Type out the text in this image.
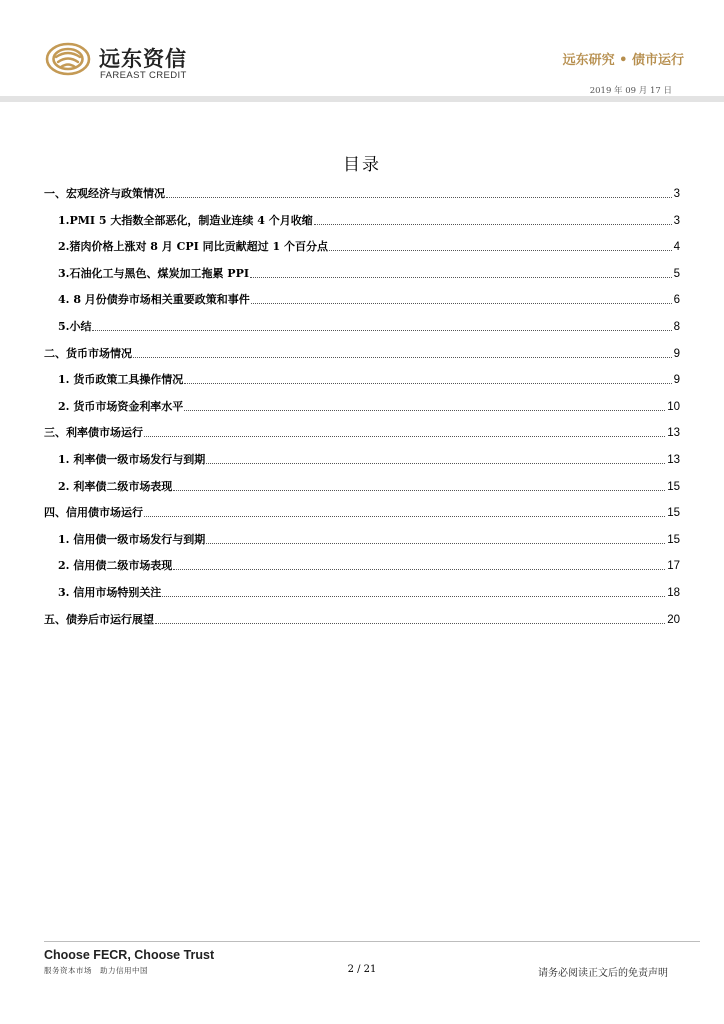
远东资信
FAREAST CREDIT
远东研究 • 债市运行
2019 年 09 月 17 日
目录
一、宏观经济与政策情况	3
1.PMI 5 大指数全部恶化，制造业连续 4 个月收缩	3
2.猪肉价格上涨对 8 月 CPI 同比贡献超过 1 个百分点	4
3.石油化工与黑色、煤炭加工拖累 PPI	5
4. 8 月份债券市场相关重要政策和事件	6
5.小结	8
二、货币市场情况	9
1. 货币政策工具操作情况	9
2. 货币市场资金利率水平	10
三、利率债市场运行	13
1. 利率债一级市场发行与到期	13
2. 利率债二级市场表现	15
四、信用债市场运行	15
1. 信用债一级市场发行与到期	15
2. 信用债二级市场表现	17
3. 信用市场特别关注	18
五、债券后市运行展望	20
Choose FECR, Choose Trust
服务资本市场　助力信用中国	2 / 21	请务必阅读正文后的免责声明
